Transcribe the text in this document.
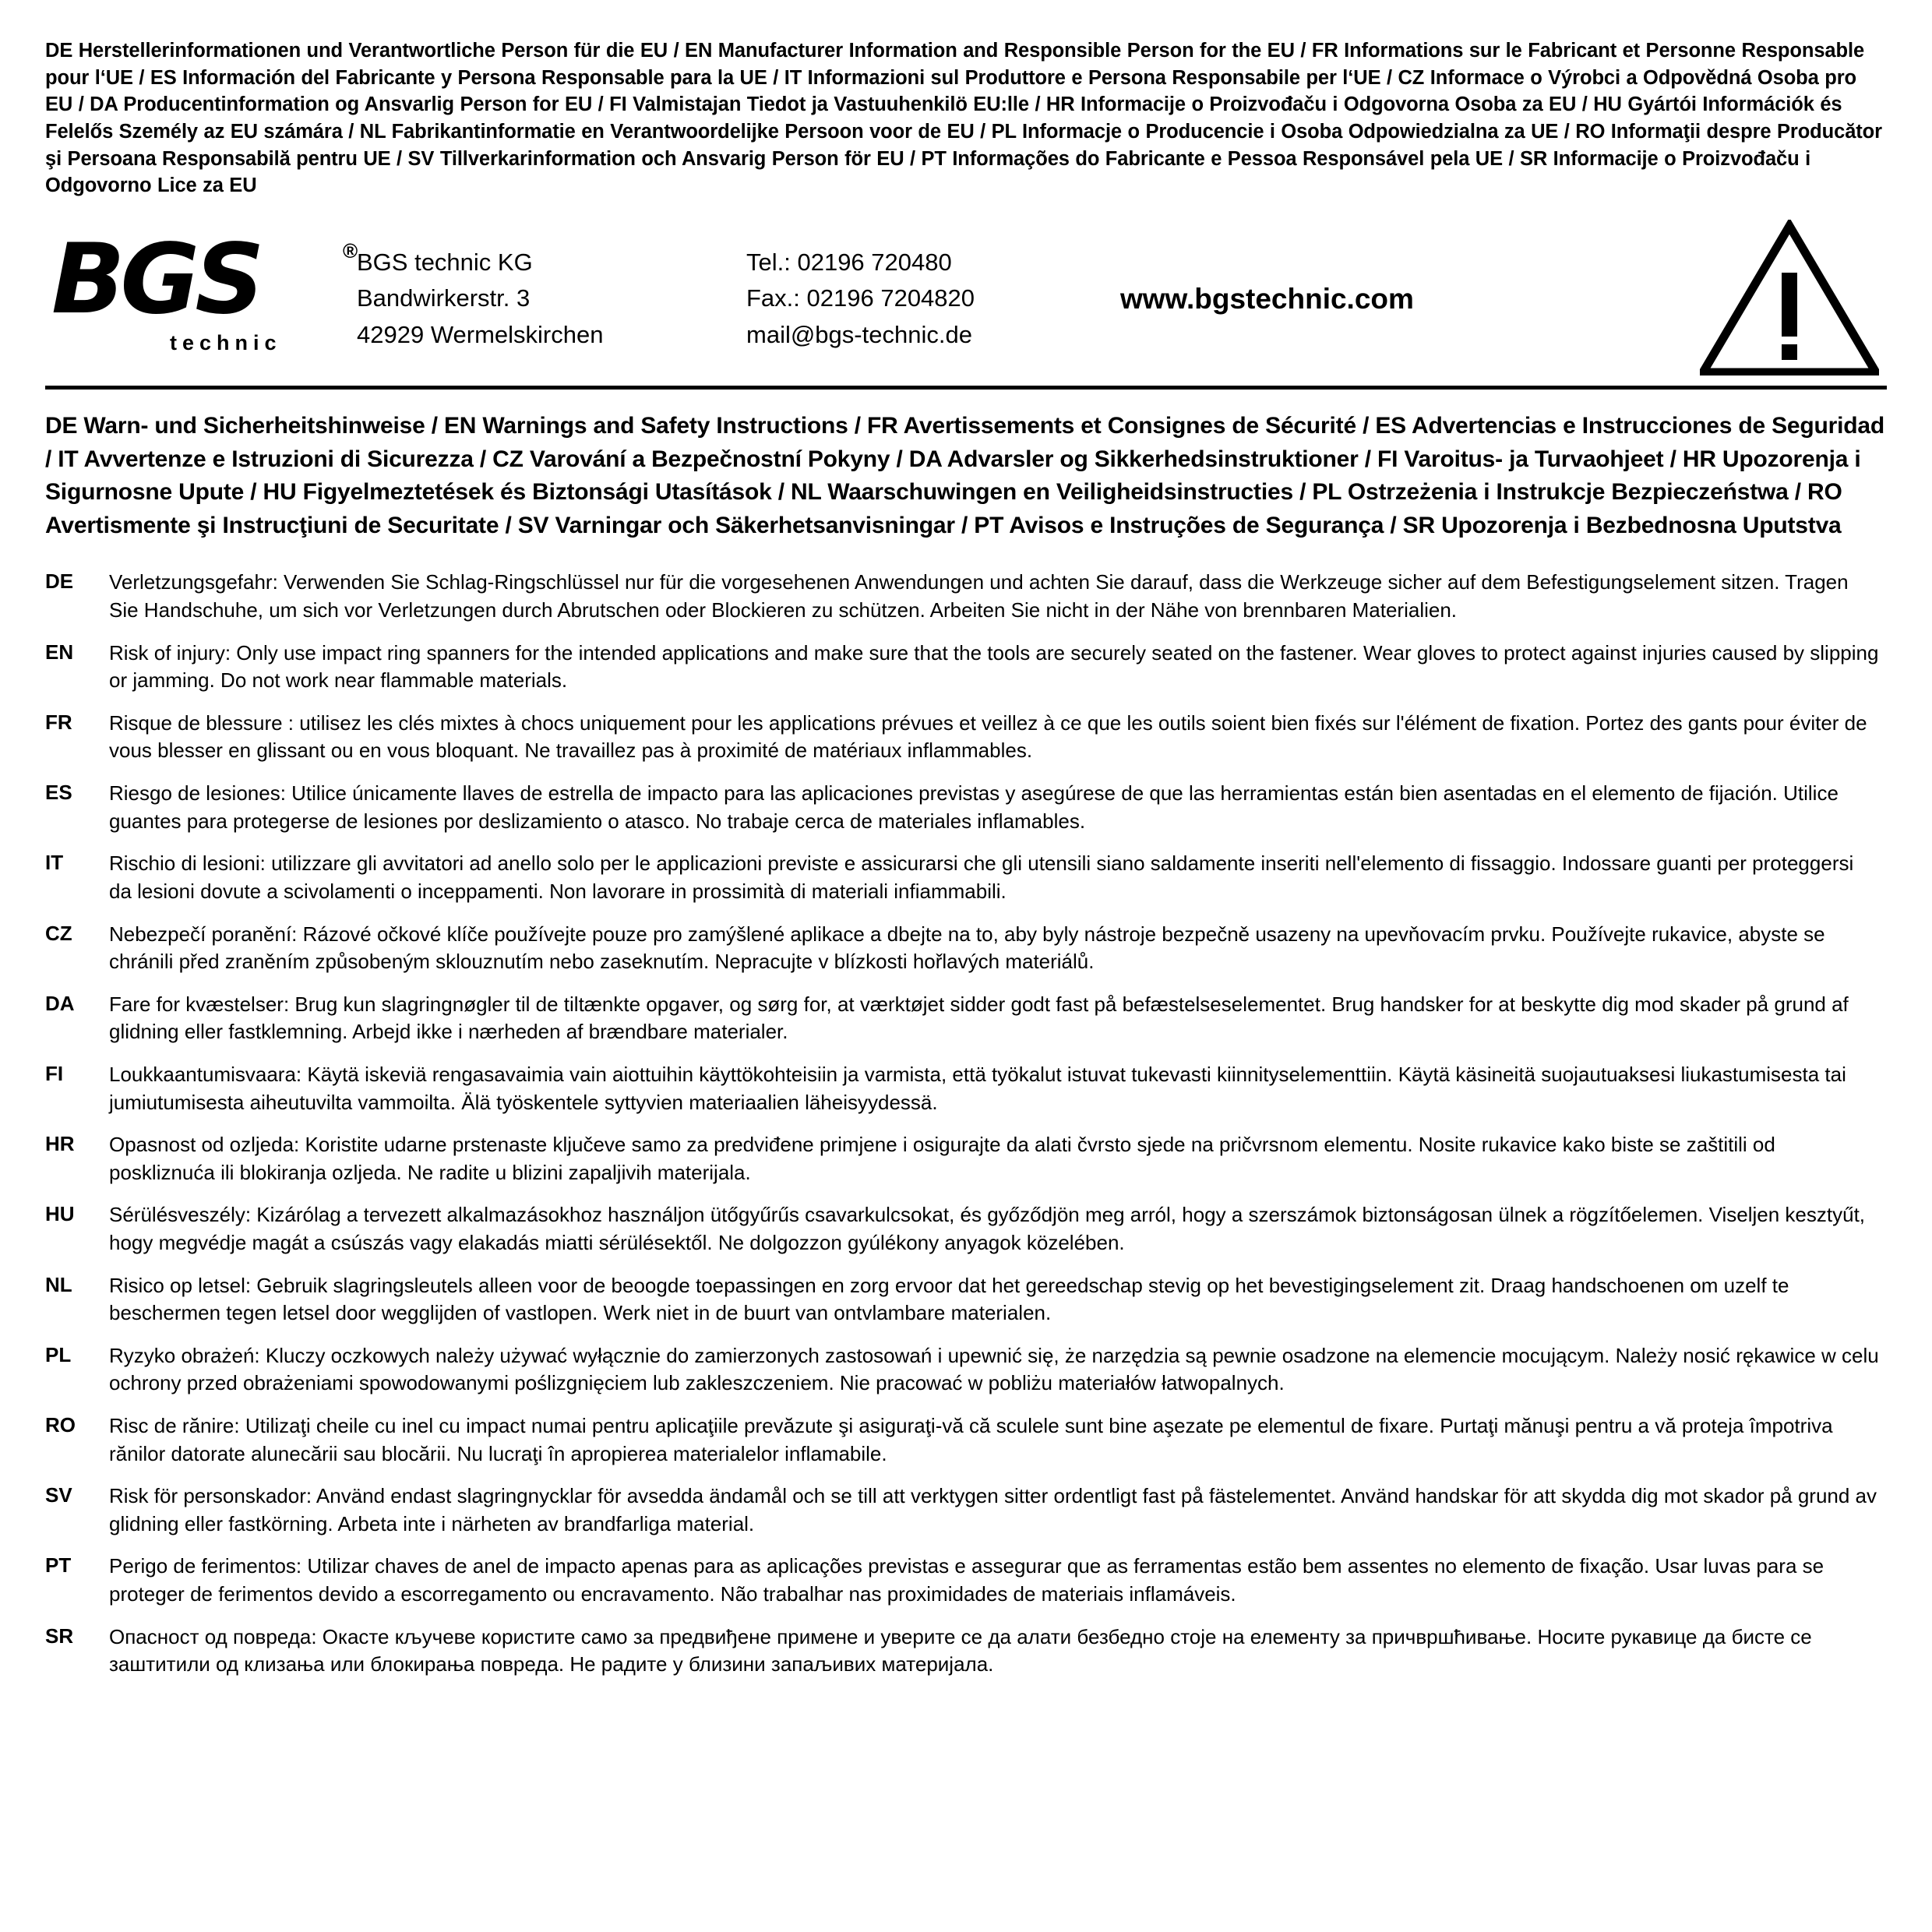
DE Herstellerinformationen und Verantwortliche Person für die EU / EN Manufacturer Information and Responsible Person for the EU / FR Informations sur le Fabricant et Personne Responsable pour l‘UE / ES Información del Fabricante y Persona Responsable para la UE / IT Informazioni sul Produttore e Persona Responsabile per l‘UE / CZ Informace o Výrobci a Odpovědná Osoba pro EU / DA Producentinformation og Ansvarlig Person for EU / FI Valmistajan Tiedot ja Vastuuhenkilö EU:lle / HR Informacije o Proizvođaču i Odgovorna Osoba za EU / HU Gyártói Információk és Felelős Személy az EU számára / NL Fabrikantinformatie en Verantwoordelijke Persoon voor de EU / PL Informacje o Producencie i Osoba Odpowiedzialna za UE / RO Informaţii despre Producător şi Persoana Responsabilă pentru UE / SV Tillverkarinformation och Ansvarig Person för EU / PT Informações do Fabricante e Pessoa Responsável pela UE / SR Informacije o Proizvođaču i Odgovorno Lice za EU

BGS	®
technic
BGS technic KG
Bandwirkerstr. 3
42929 Wermelskirchen
Tel.: 02196 720480
Fax.: 02196 7204820
mail@bgs-technic.de
www.bgstechnic.com

DE Warn- und Sicherheitshinweise / EN Warnings and Safety Instructions / FR Avertissements et Consignes de Sécurité / ES Advertencias e Instrucciones de Seguridad / IT Avvertenze e Istruzioni di Sicurezza / CZ Varování a Bezpečnostní Pokyny / DA Advarsler og Sikkerhedsinstruktioner / FI Varoitus- ja Turvaohjeet / HR Upozorenja i Sigurnosne Upute / HU Figyelmeztetések és Biztonsági Utasítások / NL Waarschuwingen en Veiligheidsinstructies / PL Ostrzeżenia i Instrukcje Bezpieczeństwa / RO Avertismente şi Instrucţiuni de Securitate / SV Varningar och Säkerhetsanvisningar / PT Avisos e Instruções de Segurança / SR Upozorenja i Bezbednosna Uputstva

DE	Verletzungsgefahr: Verwenden Sie Schlag-Ringschlüssel nur für die vorgesehenen Anwendungen und achten Sie darauf, dass die Werkzeuge sicher auf dem Befestigungselement sitzen. Tragen Sie Handschuhe, um sich vor Verletzungen durch Abrutschen oder Blockieren zu schützen. Arbeiten Sie nicht in der Nähe von brennbaren Materialien.
EN	Risk of injury: Only use impact ring spanners for the intended applications and make sure that the tools are securely seated on the fastener. Wear gloves to protect against injuries caused by slipping or jamming. Do not work near flammable materials.
FR	Risque de blessure : utilisez les clés mixtes à chocs uniquement pour les applications prévues et veillez à ce que les outils soient bien fixés sur l'élément de fixation. Portez des gants pour éviter de vous blesser en glissant ou en vous bloquant. Ne travaillez pas à proximité de matériaux inflammables.
ES	Riesgo de lesiones: Utilice únicamente llaves de estrella de impacto para las aplicaciones previstas y asegúrese de que las herramientas están bien asentadas en el elemento de fijación. Utilice guantes para protegerse de lesiones por deslizamiento o atasco. No trabaje cerca de materiales inflamables.
IT	Rischio di lesioni: utilizzare gli avvitatori ad anello solo per le applicazioni previste e assicurarsi che gli utensili siano saldamente inseriti nell'elemento di fissaggio. Indossare guanti per proteggersi da lesioni dovute a scivolamenti o inceppamenti. Non lavorare in prossimità di materiali infiammabili.
CZ	Nebezpečí poranění: Rázové očkové klíče používejte pouze pro zamýšlené aplikace a dbejte na to, aby byly nástroje bezpečně usazeny na upevňovacím prvku. Používejte rukavice, abyste se chránili před zraněním způsobeným sklouznutím nebo zaseknutím. Nepracujte v blízkosti hořlavých materiálů.
DA	Fare for kvæstelser: Brug kun slagringnøgler til de tiltænkte opgaver, og sørg for, at værktøjet sidder godt fast på befæstelseselementet. Brug handsker for at beskytte dig mod skader på grund af glidning eller fastklemning. Arbejd ikke i nærheden af brændbare materialer.
FI	Loukkaantumisvaara: Käytä iskeviä rengasavaimia vain aiottuihin käyttökohteisiin ja varmista, että työkalut istuvat tukevasti kiinnityselementtiin. Käytä käsineitä suojautuaksesi liukastumisesta tai jumiutumisesta aiheutuvilta vammoilta. Älä työskentele syttyvien materiaalien läheisyydessä.
HR	Opasnost od ozljeda: Koristite udarne prstenaste ključeve samo za predviđene primjene i osigurajte da alati čvrsto sjede na pričvrsnom elementu. Nosite rukavice kako biste se zaštitili od poskliznuća ili blokiranja ozljeda. Ne radite u blizini zapaljivih materijala.
HU	Sérülésveszély: Kizárólag a tervezett alkalmazásokhoz használjon ütőgyűrűs csavarkulcsokat, és győződjön meg arról, hogy a szerszámok biztonságosan ülnek a rögzítőelemen. Viseljen kesztyűt, hogy megvédje magát a csúszás vagy elakadás miatti sérülésektől. Ne dolgozzon gyúlékony anyagok közelében.
NL	Risico op letsel: Gebruik slagringsleutels alleen voor de beoogde toepassingen en zorg ervoor dat het gereedschap stevig op het bevestigingselement zit. Draag handschoenen om uzelf te beschermen tegen letsel door wegglijden of vastlopen. Werk niet in de buurt van ontvlambare materialen.
PL	Ryzyko obrażeń: Kluczy oczkowych należy używać wyłącznie do zamierzonych zastosowań i upewnić się, że narzędzia są pewnie osadzone na elemencie mocującym. Należy nosić rękawice w celu ochrony przed obrażeniami spowodowanymi poślizgnięciem lub zakleszczeniem. Nie pracować w pobliżu materiałów łatwopalnych.
RO	Risc de rănire: Utilizaţi cheile cu inel cu impact numai pentru aplicaţiile prevăzute şi asiguraţi-vă că sculele sunt bine aşezate pe elementul de fixare. Purtaţi mănuşi pentru a vă proteja împotriva rănilor datorate alunecării sau blocării. Nu lucraţi în apropierea materialelor inflamabile.
SV	Risk för personskador: Använd endast slagringnycklar för avsedda ändamål och se till att verktygen sitter ordentligt fast på fästelementet. Använd handskar för att skydda dig mot skador på grund av glidning eller fastkörning. Arbeta inte i närheten av brandfarliga material.
PT	Perigo de ferimentos: Utilizar chaves de anel de impacto apenas para as aplicações previstas e assegurar que as ferramentas estão bem assentes no elemento de fixação. Usar luvas para se proteger de ferimentos devido a escorregamento ou encravamento. Não trabalhar nas proximidades de materiais inflamáveis.
SR	Опасност од повреда: Окасте кључеве користите само за предвиђене примене и уверите се да алати безбедно стоје на елементу за причвршћивање. Носите рукавице да бисте се заштитили од клизања или блокирања повреда. Не радите у близини запаљивих материјала.
